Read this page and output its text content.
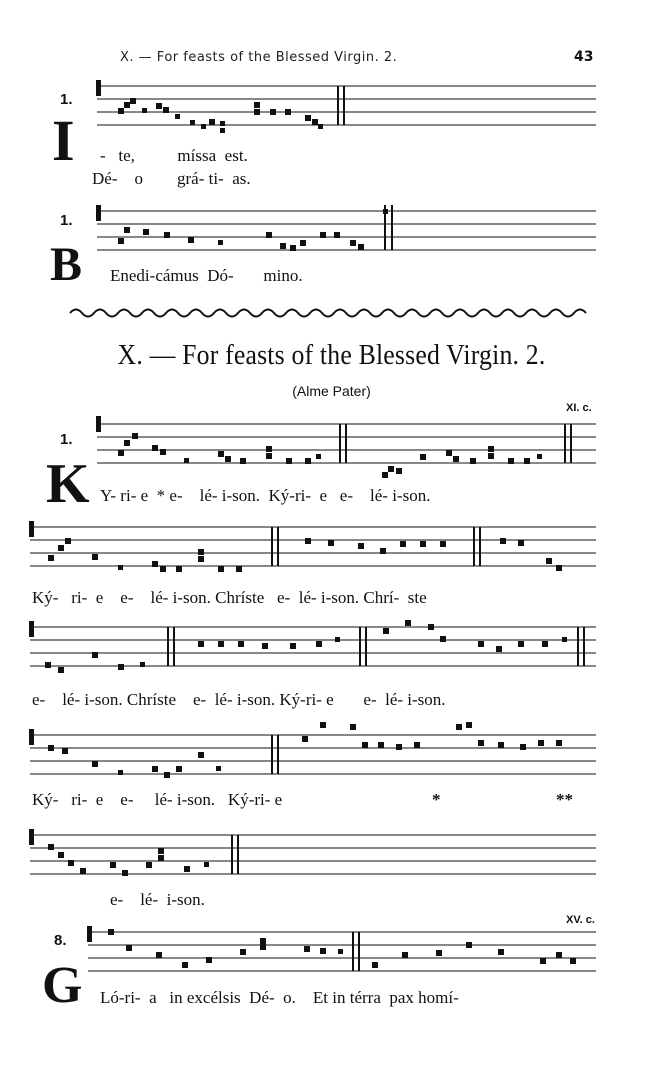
X. — For feasts of the Blessed Virgin. 2.	43
1.
I -   te,          míssa  est.
Dé-    o        grá- ti-  as.
1.
B Enedi-cámus  Dó-       mino.
X. — For feasts of the Blessed Virgin. 2.
(Alme Pater)
XI. c.
1.
K Y- ri- e  * e-    lé- i-son.  Ký-ri-  e   e-    lé- i-son.
Ký-   ri-  e    e-    lé- i-son. Chríste   e-  lé- i-son. Chrí-  ste
e-    lé- i-son. Chríste    e-  lé- i-son. Ký-ri- e       e-  lé- i-son.
Ký-   ri-  e    e-     lé- i-son.   Ký-ri- e	*	**
e-    lé-  i-son.
XV. c.
8.
G Ló-ri-  a   in excélsis  Dé-  o.    Et in térra  pax homí-
